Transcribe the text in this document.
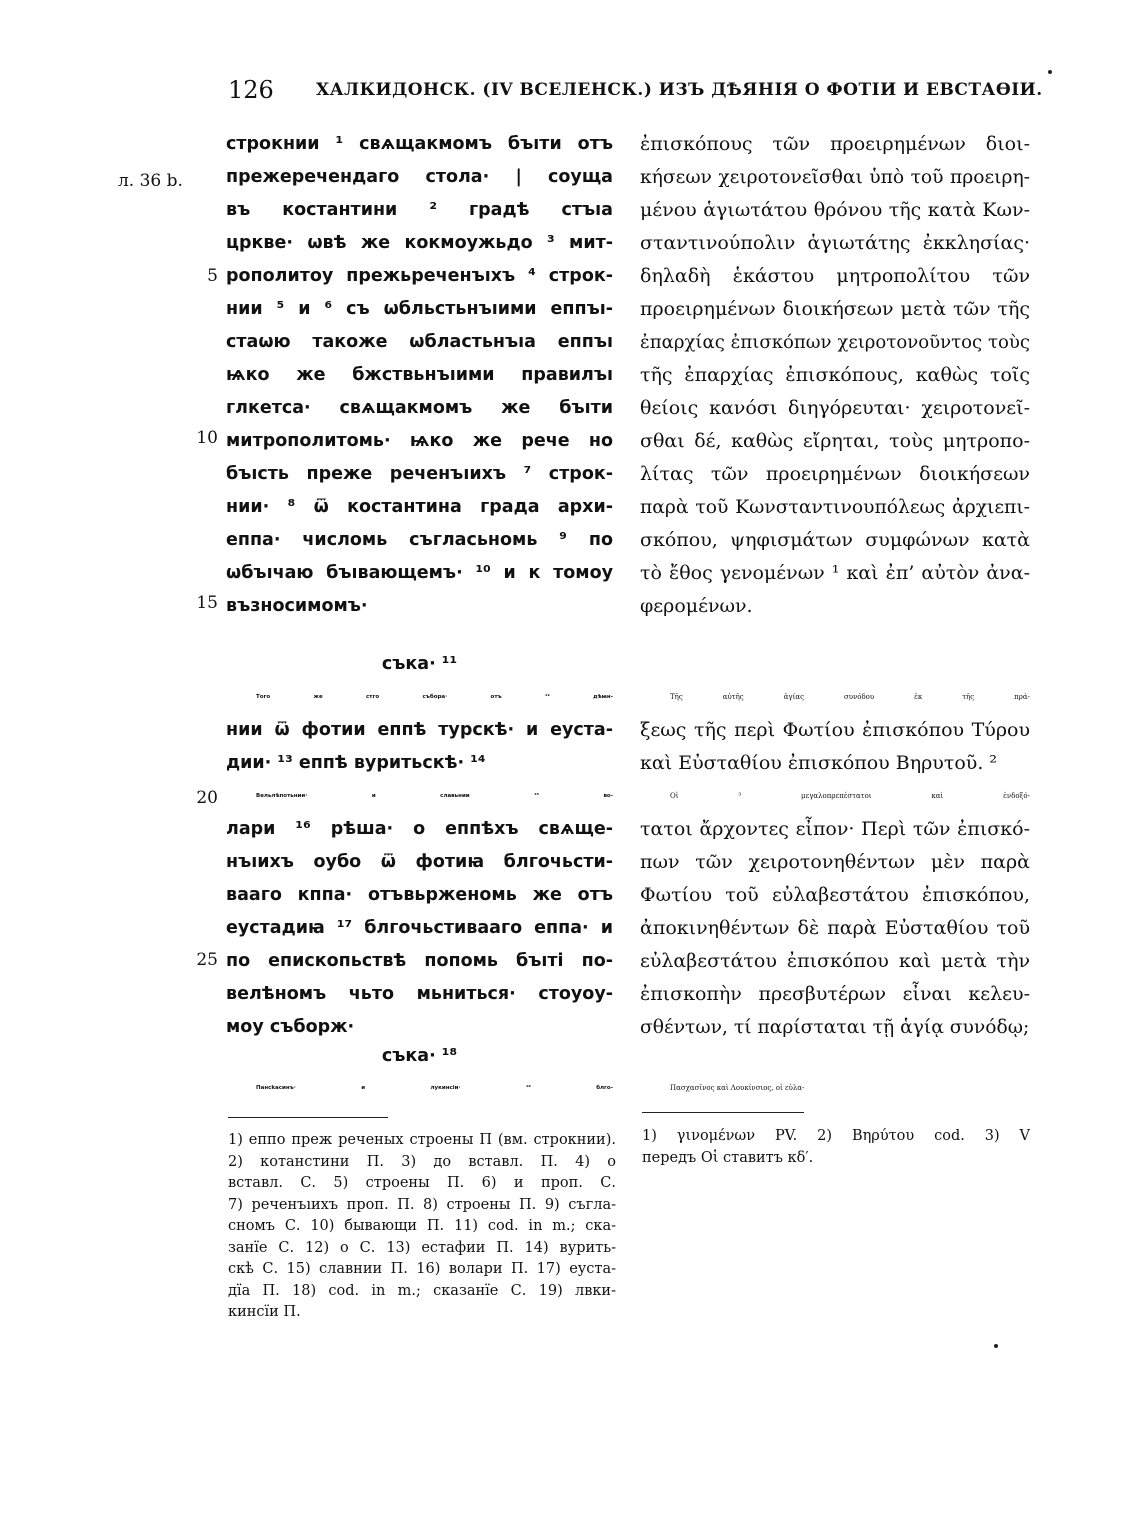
126 ХАЛКИДОНСК. (IV ВСЕЛЕНСК.) ИЗЪ ДѢЯНІЯ О ФОТІИ И ЕВСТАѲІИ.
л. 36 b.
5
10
15
20
25
строкнии ¹ свѧщакмомъ бъıти отъ
прежеречендаго стола· | соуща
въ костантини ² градѣ стъıа
црквe· ѡвѣ же кокмоужьдо ³ мит-
рополитоу прежьреченъıхъ ⁴ строк-
нии ⁵ и ⁶ съ ѡбльстьнъıими еппъı-
стаѡю такожe ѡбластьнъıа еппъı
ѩко жe бжcтвьнъıими правилъı
глкетса· свѧщакмомъ жe бъıти
митрополитомь· ѩко же рече но
бъıсть преже реченъıихъ ⁷ строк-
нии· ⁸ ѿ костантина града архи-
еппа· числомь съгласьномь ⁹ по
ѡбъıчаю бъıвающемъ· ¹⁰ и к томоу
възносимомъ·
съка· ¹¹
Того же стго събора· отъ ¹² дѣꙗн-
нии ѿ фотии еппѣ турскѣ· и еустa-
дии· ¹³ еппѣ вуритьскѣ· ¹⁴
Вельлѣпотьнии· и славьнии ¹⁵ во-
лари ¹⁶ рѣша· о еппѣхъ свѧще-
нъıихъ оубо ѿ фотиꙗ блгочьсти-
ваaго кппа· отъвьрженомь же отъ
еустадиꙗ ¹⁷ блгочьстиваaго еппа· и
по епископьствѣ попомь бъıті по-
велѣномъ чьто мьниться· стоуоу-
моу съборж·
съка· ¹⁸
Пансkасинъ· и лукинсіи· ¹⁹ блго-
ἐπισκόπους τῶν προειρημένων διοι-
κήσεων χειροτονεῖσθαι ὑπὸ τοῦ προειρη-
μένου ἁγιωτάτου θρόνου τῆς κατὰ Κων-
σταντινούπολιν ἁγιωτάτης ἐκκλησίας·
δηλαδὴ ἑκάστου μητροπολίτου τῶν
προειρημένων διοικήσεων μετὰ τῶν τῆς
ἐπαρχίας ἐπισκόπων χειροτονοῦντος τοὺς
τῆς ἐπαρχίας ἐπισκόπους, καθὼς τοῖς
θείοις κανόσι διηγόρευται· χειροτονεῖ-
σθαι δέ, καθὼς εἴρηται, τοὺς μητροπο-
λίτας τῶν προειρημένων διοικήσεων
παρὰ τοῦ Κωνσταντινουπόλεως ἀρχιεπι-
σκόπου, ψηφισμάτων συμφώνων κατὰ
τὸ ἔθος γενομένων ¹ καὶ ἐπ’ αὐτὸν ἀνα-
φερομένων.
Τῆς αὐτῆς ἁγίας συνόδου ἐκ τῆς πρά-
ξεως τῆς περὶ Φωτίου ἐπισκόπου Τύρου
καὶ Εὐσταθίου ἐπισκόπου Βηρυτοῦ. ²
Οἱ ³ μεγαλοπρεπέστατοι καὶ ἐνδοξό-
τατοι ἄρχοντες εἶπον· Περὶ τῶν ἐπισκό-
πων τῶν χειροτονηθέντων μὲν παρὰ
Φωτίου τοῦ εὐλαβεστάτου ἐπισκόπου,
ἀποκινηθέντων δὲ παρὰ Εὐσταθίου τοῦ
εὐλαβεστάτου ἐπισκόπου καὶ μετὰ τὴν
ἐπισκοπὴν πρεσβυτέρων εἶναι κελευ-
σθέντων, τί παρίσταται τῇ ἁγίᾳ συνόδῳ;
Πασχασῖνος καὶ Λουκίνσιος, οἱ εὐλα-
1) еппо преж реченых строены П (вм. строкнии).
2) котанстини П. 3) до вставл. П. 4) о
вставл. С. 5) строены П. 6) и проп. С.
7) реченъıихъ проп. П. 8) строены П. 9) съгла-
сномъ С. 10) бывающи П. 11) cod. in m.; ска-
занїе С. 12) о С. 13) естафии П. 14) вурить-
скѣ С. 15) славнии П. 16) волари П. 17) еуста-
дїа П. 18) cod. in m.; сказанїе С. 19) лвки-
кинсїи П.
1) γινομένων PV. 2) Βηρύτου cod. 3) V
передъ Οἱ ставитъ κδ′.
